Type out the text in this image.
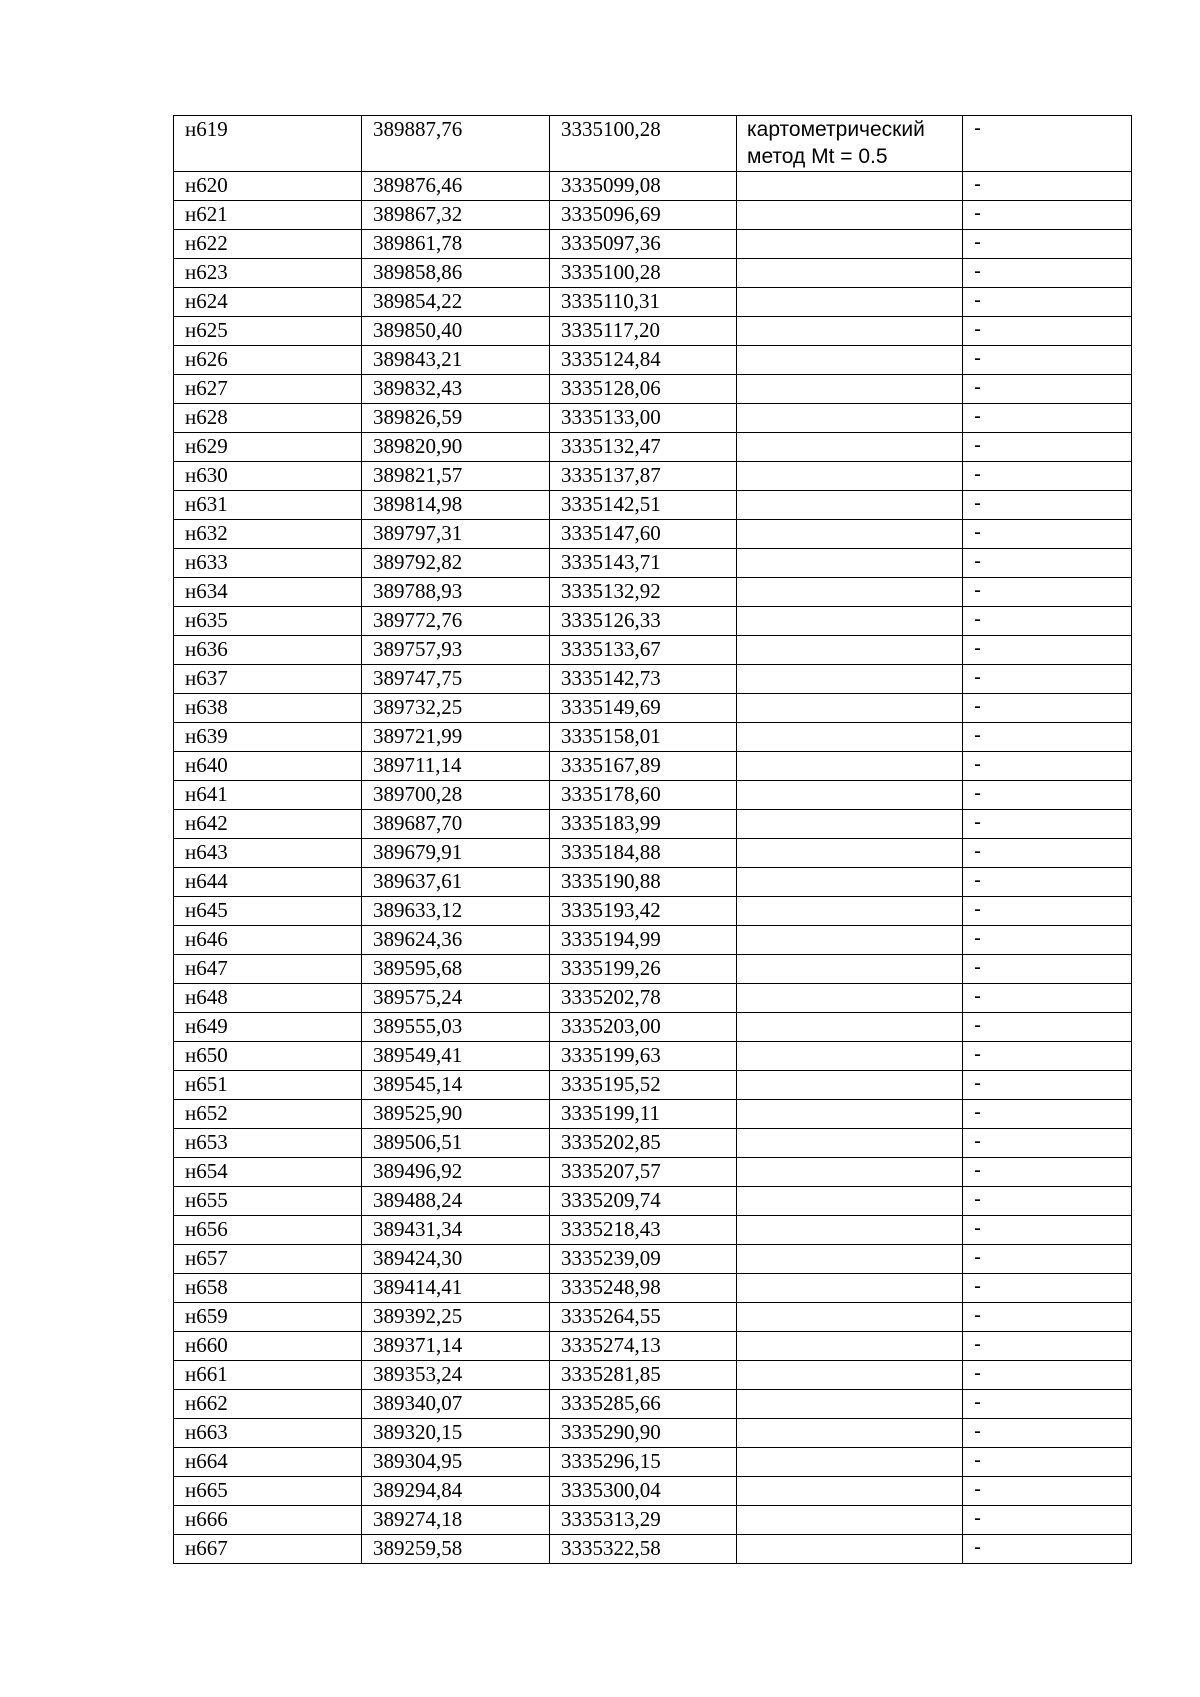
н619	389887,76	3335100,28	картометрический метод Mt = 0.5	-
н620	389876,46	3335099,08		-
н621	389867,32	3335096,69		-
н622	389861,78	3335097,36		-
н623	389858,86	3335100,28		-
н624	389854,22	3335110,31		-
н625	389850,40	3335117,20		-
н626	389843,21	3335124,84		-
н627	389832,43	3335128,06		-
н628	389826,59	3335133,00		-
н629	389820,90	3335132,47		-
н630	389821,57	3335137,87		-
н631	389814,98	3335142,51		-
н632	389797,31	3335147,60		-
н633	389792,82	3335143,71		-
н634	389788,93	3335132,92		-
н635	389772,76	3335126,33		-
н636	389757,93	3335133,67		-
н637	389747,75	3335142,73		-
н638	389732,25	3335149,69		-
н639	389721,99	3335158,01		-
н640	389711,14	3335167,89		-
н641	389700,28	3335178,60		-
н642	389687,70	3335183,99		-
н643	389679,91	3335184,88		-
н644	389637,61	3335190,88		-
н645	389633,12	3335193,42		-
н646	389624,36	3335194,99		-
н647	389595,68	3335199,26		-
н648	389575,24	3335202,78		-
н649	389555,03	3335203,00		-
н650	389549,41	3335199,63		-
н651	389545,14	3335195,52		-
н652	389525,90	3335199,11		-
н653	389506,51	3335202,85		-
н654	389496,92	3335207,57		-
н655	389488,24	3335209,74		-
н656	389431,34	3335218,43		-
н657	389424,30	3335239,09		-
н658	389414,41	3335248,98		-
н659	389392,25	3335264,55		-
н660	389371,14	3335274,13		-
н661	389353,24	3335281,85		-
н662	389340,07	3335285,66		-
н663	389320,15	3335290,90		-
н664	389304,95	3335296,15		-
н665	389294,84	3335300,04		-
н666	389274,18	3335313,29		-
н667	389259,58	3335322,58		-
